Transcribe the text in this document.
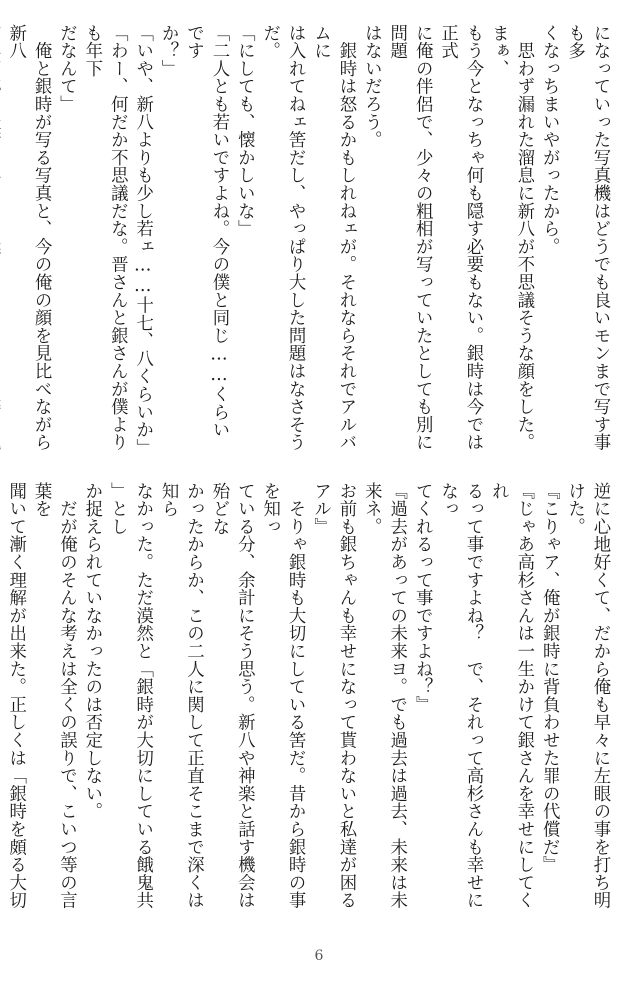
になっていった写真機はどうでも良いモンまで写す事も多

くなっちまいやがったから。

　思わず漏れた溜息に新八が不思議そうな顔をした。まぁ、

もう今となっちゃ何も隠す必要もない。銀時は今では正式

に俺の伴侶で、少々の粗相が写っていたとしても別に問題

はないだろう。

　銀時は怒るかもしれねェが。それならそれでアルバムに

は入れてねェ筈だし、やっぱり大した問題はなさそうだ。

「にしても、懐かしいな」

「二人とも若いですよね。今の僕と同じ……くらいです

か？」

「いや、新八よりも少し若ェ……十七、八くらいか」

「わー、何だか不思議だな。晋さんと銀さんが僕よりも年下

だなんて」

　俺と銀時が写る写真と、今の俺の顔を見比べながら新八

逆に心地好くて、だから俺も早々に左眼の事を打ち明けた。

『こりゃア、俺が銀時に背負わせた罪の代償だ』

『じゃあ高杉さんは一生かけて銀さんを幸せにしてくれ

るって事ですよね？　で、それって高杉さんも幸せになっ

てくれるって事ですよね？』

『過去があっての未来ヨ。でも過去は過去、未来は未来ネ。

お前も銀ちゃんも幸せになって貰わないと私達が困るアル』

　そりゃ銀時も大切にしている筈だ。昔から銀時の事を知っ

ている分、余計にそう思う。新八や神楽と話す機会は殆どな

かったからか、この二人に関して正直そこまで深くは知ら

なかった。ただ漠然と「銀時が大切にしている餓鬼共」とし

か捉えられていなかったのは否定しない。

　だが俺のそんな考えは全くの誤りで、こいつ等の言葉を

聞いて漸く理解が出来た。正しくは「銀時を頗る大切

6
